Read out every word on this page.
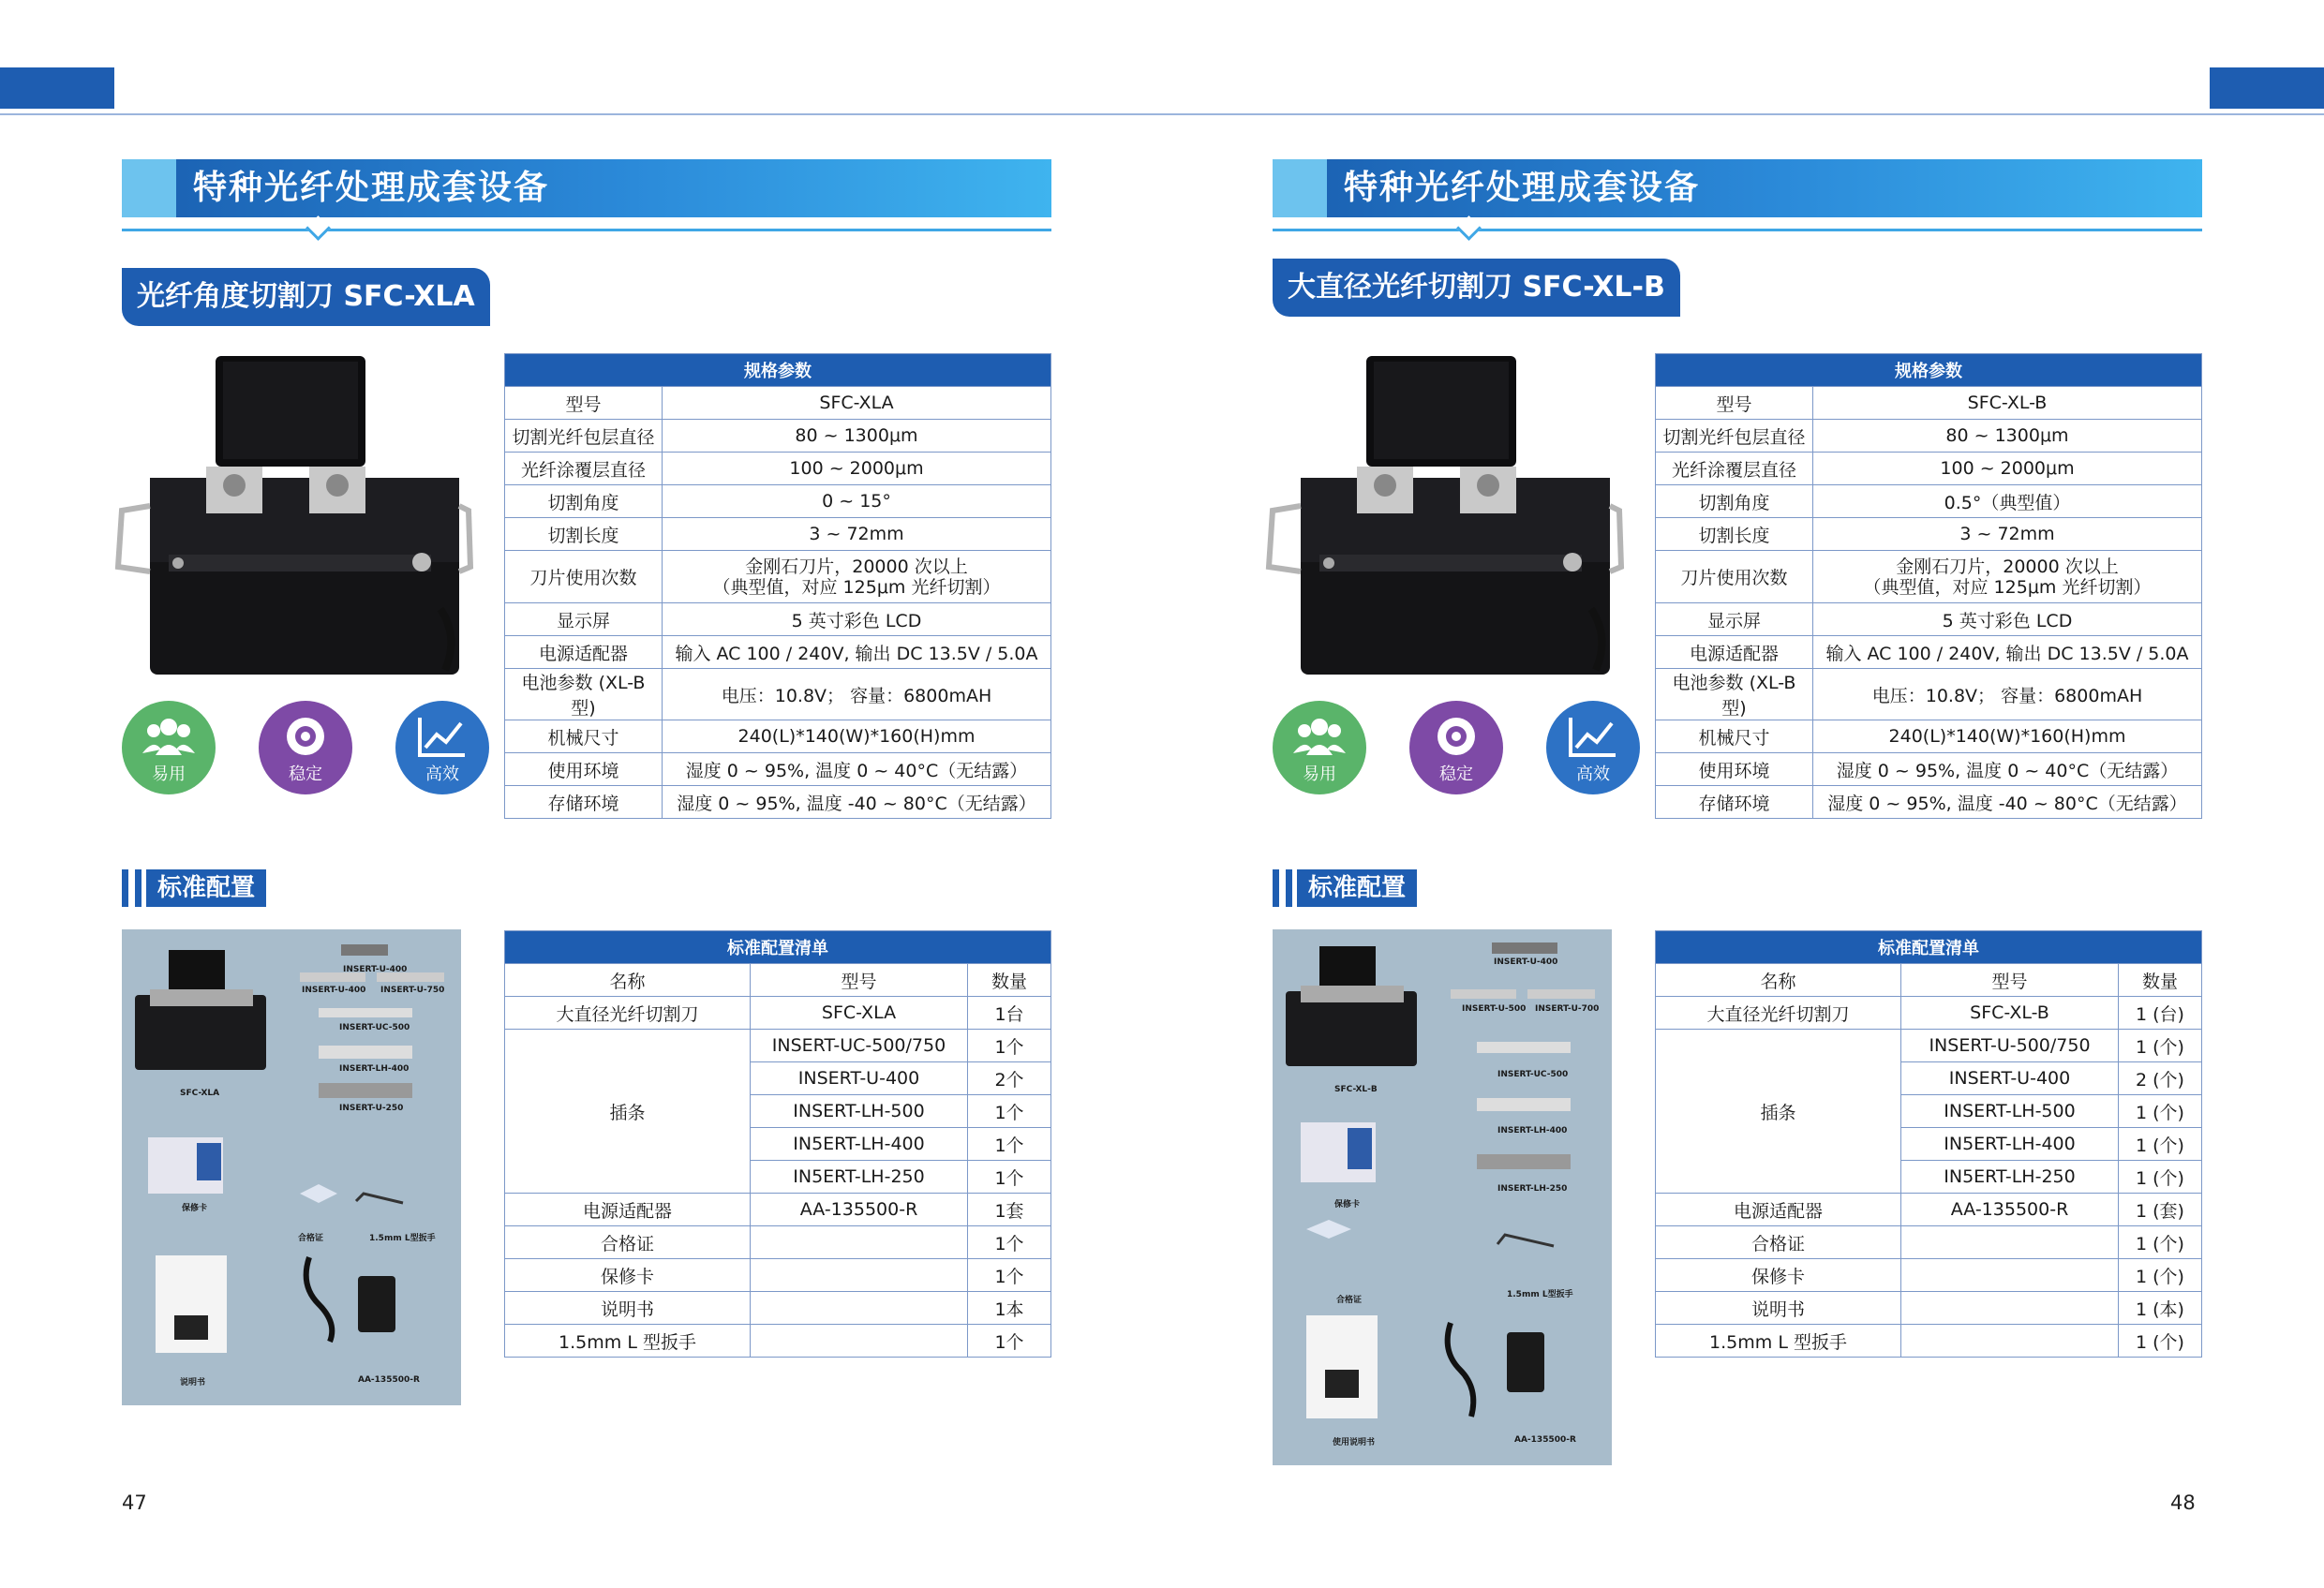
特种光纤处理成套设备
光纤角度切割刀 SFC-XLA
易用	稳定	高效
规格参数	
型号	SFC-XLA
切割光纤包层直径	80 ~ 1300μm
光纤涂覆层直径	100 ~ 2000μm
切割角度	0 ~ 15°
切割长度	3 ~ 72mm
刀片使用次数	金刚石刀片，20000 次以上
（典型值，对应 125μm 光纤切割）
显示屏	5 英寸彩色 LCD
电源适配器	输入 AC 100 / 240V, 输出 DC 13.5V / 5.0A
电池参数 (XL-B 型)	电压：10.8V； 容量：6800mAH
机械尺寸	240(L)*140(W)*160(H)mm
使用环境	湿度 0 ~ 95%, 温度 0 ~ 40°C（无结露）
存储环境	湿度 0 ~ 95%, 温度 -40 ~ 80°C（无结露）
标准配置
INSERT-U-400
INSERT-U-400 INSERT-U-750
INSERT-UC-500
INSERT-LH-400
INSERT-U-250
SFC-XLA
保修卡
合格证	1.5mm L型扳手
说明书	AA-135500-R
标准配置清单		
名称	型号	数量
大直径光纤切割刀	SFC-XLA	1台
插条	INSERT-UC-500/750	1个
	INSERT-U-400	2个
	INSERT-LH-500	1个
	IN5ERT-LH-400	1个
	IN5ERT-LH-250	1个
电源适配器	AA-135500-R	1套
合格证		1个
保修卡		1个
说明书		1本
1.5mm L 型扳手		1个
47
特种光纤处理成套设备
大直径光纤切割刀 SFC-XL-B
易用	稳定	高效
规格参数	
型号	SFC-XL-B
切割光纤包层直径	80 ~ 1300μm
光纤涂覆层直径	100 ~ 2000μm
切割角度	0.5°（典型值）
切割长度	3 ~ 72mm
刀片使用次数	金刚石刀片，20000 次以上
（典型值，对应 125μm 光纤切割）
显示屏	5 英寸彩色 LCD
电源适配器	输入 AC 100 / 240V, 输出 DC 13.5V / 5.0A
电池参数 (XL-B 型)	电压：10.8V； 容量：6800mAH
机械尺寸	240(L)*140(W)*160(H)mm
使用环境	湿度 0 ~ 95%, 温度 0 ~ 40°C（无结露）
存储环境	湿度 0 ~ 95%, 温度 -40 ~ 80°C（无结露）
标准配置
INSERT-U-400
INSERT-U-500 INSERT-U-700
INSERT-UC-500
INSERT-LH-400
INSERT-LH-250
SFC-XL-B
保修卡
合格证
1.5mm L型扳手
使用说明书	AA-135500-R
标准配置清单		
名称	型号	数量
大直径光纤切割刀	SFC-XL-B	1 (台)
插条	INSERT-U-500/750	1 (个)
	INSERT-U-400	2 (个)
	INSERT-LH-500	1 (个)
	IN5ERT-LH-400	1 (个)
	IN5ERT-LH-250	1 (个)
电源适配器	AA-135500-R	1 (套)
合格证		1 (个)
保修卡		1 (个)
说明书		1 (本)
1.5mm L 型扳手		1 (个)
48
